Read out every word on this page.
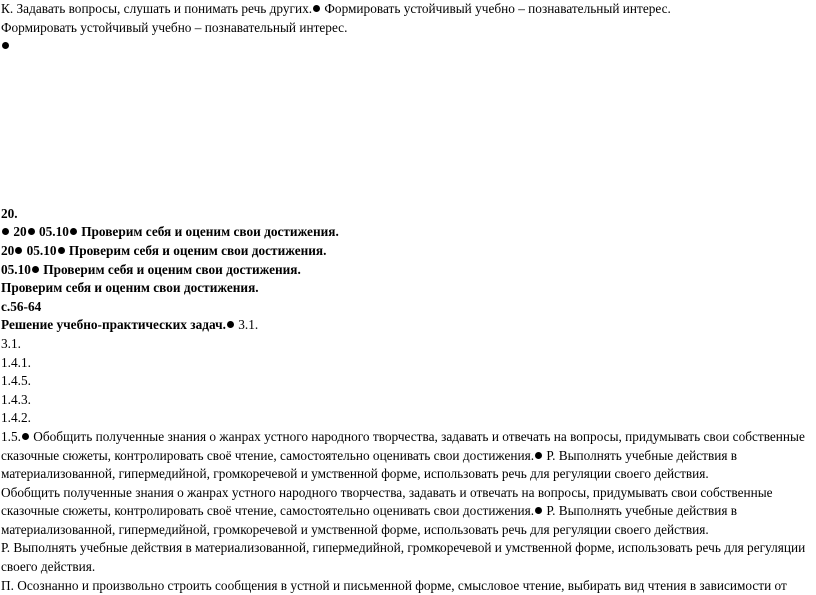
К. Задавать вопросы, слушать и понимать речь других. Формировать устойчивый учебно – познавательный интерес.
Формировать устойчивый учебно – познавательный интерес.
20.
20 05.10 Проверим себя и оценим свои достижения.
20 05.10 Проверим себя и оценим свои достижения.
05.10 Проверим себя и оценим свои достижения.
Проверим себя и оценим свои достижения.
с.56-64
Решение учебно-практических задач. 3.1.
3.1.
1.4.1.
1.4.5.
1.4.3.
1.4.2.
1.5. Обобщить полученные знания о жанрах устного народного творчества, задавать и отвечать на вопросы, придумывать свои собственные сказочные сюжеты, контролировать своё чтение, самостоятельно оценивать свои достижения. Р. Выполнять учебные действия в материализованной, гипермедийной, громкоречевой и умственной форме, использовать речь для регуляции своего действия.
Обобщить полученные знания о жанрах устного народного творчества, задавать и отвечать на вопросы, придумывать свои собственные сказочные сюжеты, контролировать своё чтение, самостоятельно оценивать свои достижения. Р. Выполнять учебные действия в материализованной, гипермедийной, громкоречевой и умственной форме, использовать речь для регуляции своего действия.
Р. Выполнять учебные действия в материализованной, гипермедийной, громкоречевой и умственной форме, использовать речь для регуляции своего действия.
П. Осознанно и произвольно строить сообщения в устной и письменной форме, смысловое чтение, выбирать вид чтения в зависимости от
